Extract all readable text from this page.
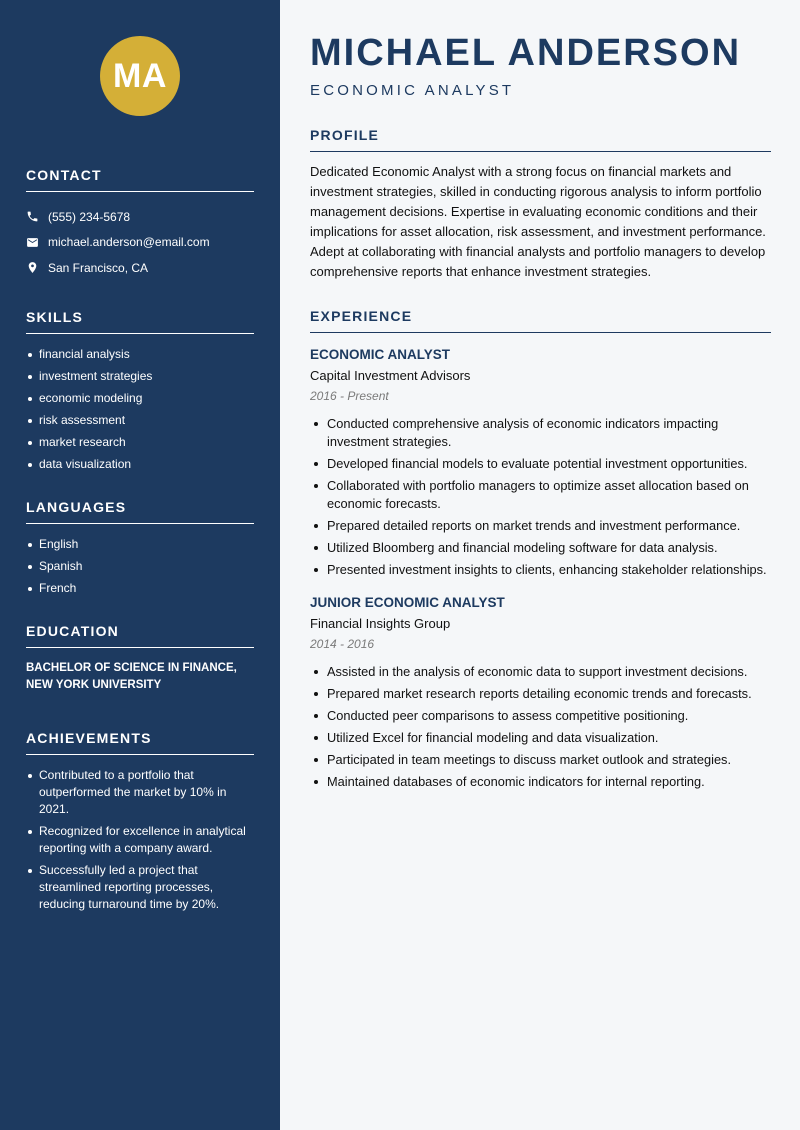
MA
CONTACT
(555) 234-5678
michael.anderson@email.com
San Francisco, CA
SKILLS
financial analysis
investment strategies
economic modeling
risk assessment
market research
data visualization
LANGUAGES
English
Spanish
French
EDUCATION
BACHELOR OF SCIENCE IN FINANCE, NEW YORK UNIVERSITY
ACHIEVEMENTS
Contributed to a portfolio that outperformed the market by 10% in 2021.
Recognized for excellence in analytical reporting with a company award.
Successfully led a project that streamlined reporting processes, reducing turnaround time by 20%.
MICHAEL ANDERSON
ECONOMIC ANALYST
PROFILE

Dedicated Economic Analyst with a strong focus on financial markets and investment strategies, skilled in conducting rigorous analysis to inform portfolio management decisions. Expertise in evaluating economic conditions and their implications for asset allocation, risk assessment, and investment performance. Adept at collaborating with financial analysts and portfolio managers to develop comprehensive reports that enhance investment strategies.

EXPERIENCE
ECONOMIC ANALYST
Capital Investment Advisors
2016 - Present
Conducted comprehensive analysis of economic indicators impacting investment strategies.
Developed financial models to evaluate potential investment opportunities.
Collaborated with portfolio managers to optimize asset allocation based on economic forecasts.
Prepared detailed reports on market trends and investment performance.
Utilized Bloomberg and financial modeling software for data analysis.
Presented investment insights to clients, enhancing stakeholder relationships.
JUNIOR ECONOMIC ANALYST
Financial Insights Group
2014 - 2016
Assisted in the analysis of economic data to support investment decisions.
Prepared market research reports detailing economic trends and forecasts.
Conducted peer comparisons to assess competitive positioning.
Utilized Excel for financial modeling and data visualization.
Participated in team meetings to discuss market outlook and strategies.
Maintained databases of economic indicators for internal reporting.
